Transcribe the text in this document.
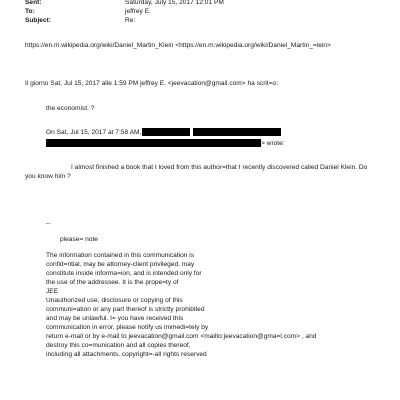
Sent:	Saturday, July 15, 2017 12:01 PM
To:	jeffrey E.
Subject:	Re:
https://en.m.wikipedia.org/wiki/Daniel_Martin_Klein <https://en.m.wikipedia.org/wiki/Daniel_Martin_=lein>
Il giorno Sat, Jul 15, 2017 alle 1:59 PM jeffrey E. <jeevacation@gmail.com> ha scrit=o:
the economist. ?
On Sat, Jul 15, 2017 at 7:58 AM,
> wrote:
I almost finished a book that I loved from this author=that I recently discovered called Daniel Klein. Do
you know him ?
--
please= note
The information contained in this communication is
confid=ntial, may be attorney-client privileged, may
constitute inside informa=ion, and is intended only for
the use of the addressee. It is the prope=ty of
JEE
Unauthorized use, disclosure or copying of this
communi=ation or any part thereof is strictly prohibited
and may be unlawful. I= you have received this
communication in error, please notify us immedi=tely by
return e-mail or by e-mail to jeevacation@gmail.com <mailto:jeevacation@gma=l.com> , and
destroy this co=munication and all copies thereof,
including all attachments. copyright=-all rights reserved
